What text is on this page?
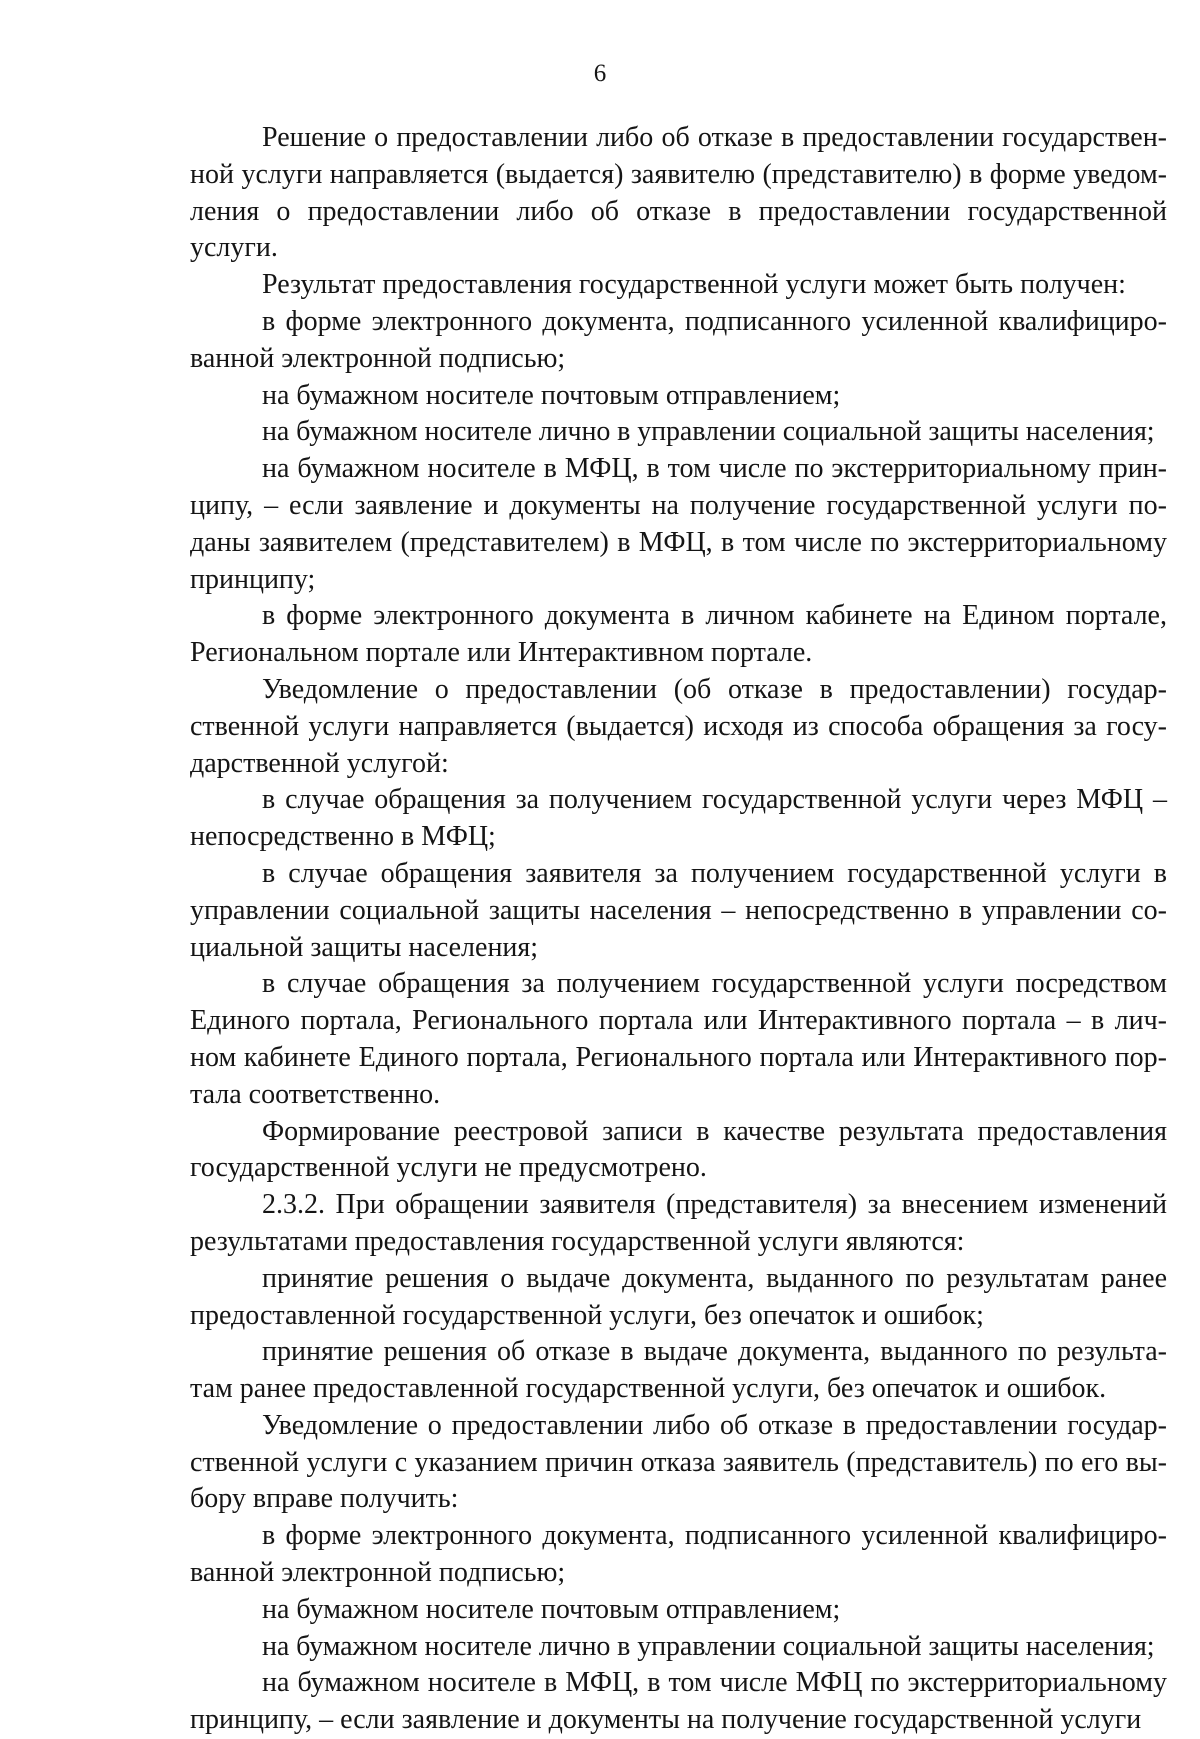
6

Решение о предоставлении либо об отказе в предоставлении государственной услуги направляется (выдается) заявителю (представителю) в форме уведомления о предоставлении либо об отказе в предоставлении государственной услуги.

Результат предоставления государственной услуги может быть получен:

в форме электронного документа, подписанного усиленной квалифицированной электронной подписью;

на бумажном носителе почтовым отправлением;

на бумажном носителе лично в управлении социальной защиты населения;

на бумажном носителе в МФЦ, в том числе по экстерриториальному принципу, – если заявление и документы на получение государственной услуги поданы заявителем (представителем) в МФЦ, в том числе по экстерриториальному принципу;

в форме электронного документа в личном кабинете на Едином портале, Региональном портале или Интерактивном портале.

Уведомление о предоставлении (об отказе в предоставлении) государственной услуги направляется (выдается) исходя из способа обращения за государственной услугой:

в случае обращения за получением государственной услуги через МФЦ – непосредственно в МФЦ;

в случае обращения заявителя за получением государственной услуги в управлении социальной защиты населения – непосредственно в управлении социальной защиты населения;

в случае обращения за получением государственной услуги посредством Единого портала, Регионального портала или Интерактивного портала – в личном кабинете Единого портала, Регионального портала или Интерактивного портала соответственно.

Формирование реестровой записи в качестве результата предоставления государственной услуги не предусмотрено.

2.3.2. При обращении заявителя (представителя) за внесением изменений результатами предоставления государственной услуги являются:

принятие решения о выдаче документа, выданного по результатам ранее предоставленной государственной услуги, без опечаток и ошибок;

принятие решения об отказе в выдаче документа, выданного по результатам ранее предоставленной государственной услуги, без опечаток и ошибок.

Уведомление о предоставлении либо об отказе в предоставлении государственной услуги с указанием причин отказа заявитель (представитель) по его выбору вправе получить:

в форме электронного документа, подписанного усиленной квалифицированной электронной подписью;

на бумажном носителе почтовым отправлением;

на бумажном носителе лично в управлении социальной защиты населения;

на бумажном носителе в МФЦ, в том числе МФЦ по экстерриториальному принципу, – если заявление и документы на получение государственной услуги
